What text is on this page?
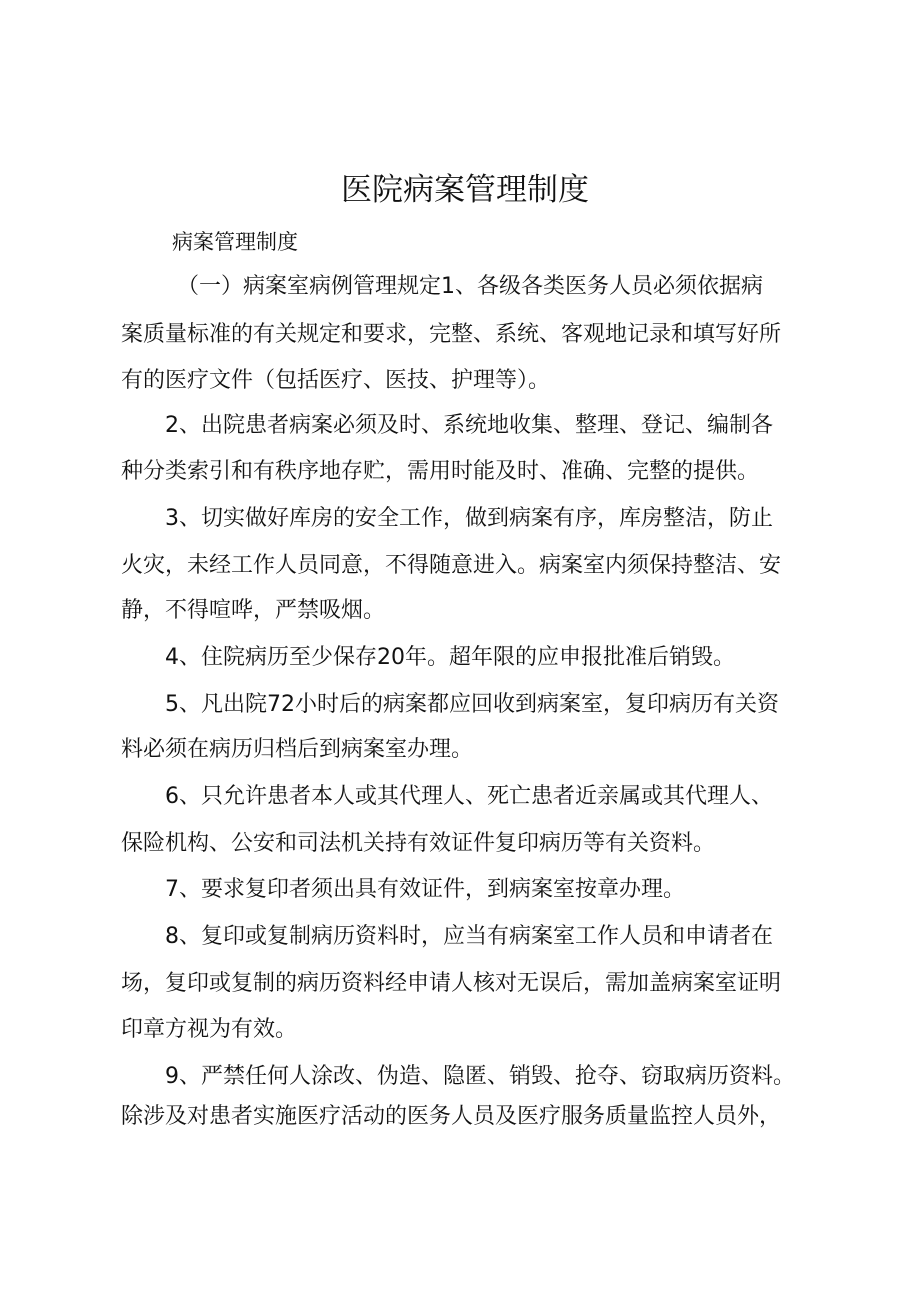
医院病案管理制度
病案管理制度
（一）病案室病例管理规定1、各级各类医务人员必须依据病
案质量标准的有关规定和要求，完整、系统、客观地记录和填写好所
有的医疗文件（包括医疗、医技、护理等）。
2、出院患者病案必须及时、系统地收集、整理、登记、编制各
种分类索引和有秩序地存贮，需用时能及时、准确、完整的提供。
3、切实做好库房的安全工作，做到病案有序，库房整洁，防止
火灾，未经工作人员同意，不得随意进入。病案室内须保持整洁、安
静，不得喧哗，严禁吸烟。
4、住院病历至少保存20年。超年限的应申报批准后销毁。
5、凡出院72小时后的病案都应回收到病案室，复印病历有关资
料必须在病历归档后到病案室办理。
6、只允许患者本人或其代理人、死亡患者近亲属或其代理人、
保险机构、公安和司法机关持有效证件复印病历等有关资料。
7、要求复印者须出具有效证件，到病案室按章办理。
8、复印或复制病历资料时，应当有病案室工作人员和申请者在
场，复印或复制的病历资料经申请人核对无误后，需加盖病案室证明
印章方视为有效。
9、严禁任何人涂改、伪造、隐匿、销毁、抢夺、窃取病历资料。
除涉及对患者实施医疗活动的医务人员及医疗服务质量监控人员外，
